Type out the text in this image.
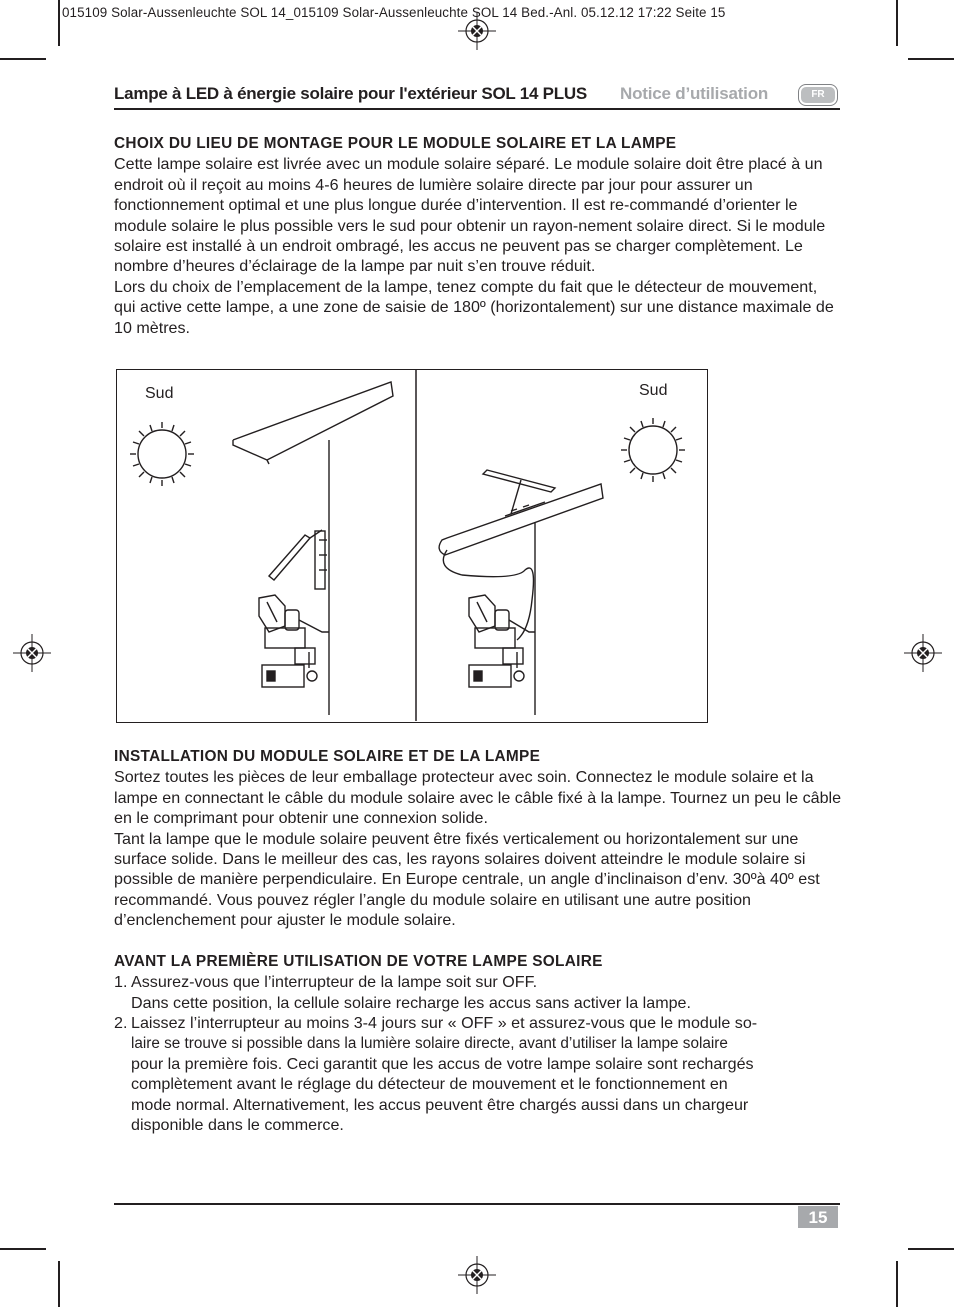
015109 Solar-Aussenleuchte SOL 14_015109 Solar-Aussenleuchte SOL 14 Bed.-Anl. 05.12.12 17:22 Seite 15
Lampe à LED à énergie solaire pour l'extérieur SOL 14 PLUS Notice d’utilisation	FR
CHOIX DU LIEU DE MONTAGE POUR LE MODULE SOLAIRE ET LA LAMPE

Cette lampe solaire est livrée avec un module solaire séparé. Le module solaire doit être placé à un endroit où il reçoit au moins 4-6 heures de lumière solaire directe par jour pour assurer un fonctionnement optimal et une plus longue durée d’intervention. Il est re-commandé d’orienter le module solaire le plus possible vers le sud pour obtenir un rayon-nement solaire direct. Si le module solaire est installé à un endroit ombragé, les accus ne peuvent pas se charger complètement. Le nombre d’heures d’éclairage de la lampe par nuit s’en trouve réduit.

Lors du choix de l’emplacement de la lampe, tenez compte du fait que le détecteur de mouvement, qui active cette lampe, a une zone de saisie de 180º (horizontalement) sur une distance maximale de 10 mètres.

Sud	Sud
INSTALLATION DU MODULE SOLAIRE ET DE LA LAMPE

Sortez toutes les pièces de leur emballage protecteur avec soin. Connectez le module solaire et la lampe en connectant le câble du module solaire avec le câble fixé à la lampe. Tournez un peu le câble en le comprimant pour obtenir une connexion solide.

Tant la lampe que le module solaire peuvent être fixés verticalement ou horizontalement sur une surface solide. Dans le meilleur des cas, les rayons solaires doivent atteindre le module solaire si possible de manière perpendiculaire. En Europe centrale, un angle d’inclinaison d’env. 30ºà 40º est recommandé. Vous pouvez régler l’angle du module solaire en utilisant une autre position d’enclenchement pour ajuster le module solaire.

AVANT LA PREMIÈRE UTILISATION DE VOTRE LAMPE SOLAIRE
1. Assurez-vous que l’interrupteur de la lampe soit sur OFF.
Dans cette position, la cellule solaire recharge les accus sans activer la lampe.
2. Laissez l’interrupteur au moins 3-4 jours sur « OFF » et assurez-vous que le module so-
laire se trouve si possible dans la lumière solaire directe, avant d’utiliser la lampe solaire
pour la première fois. Ceci garantit que les accus de votre lampe solaire sont rechargés
complètement avant le réglage du détecteur de mouvement et le fonctionnement en
mode normal. Alternativement, les accus peuvent être chargés aussi dans un chargeur
disponible dans le commerce.
15
